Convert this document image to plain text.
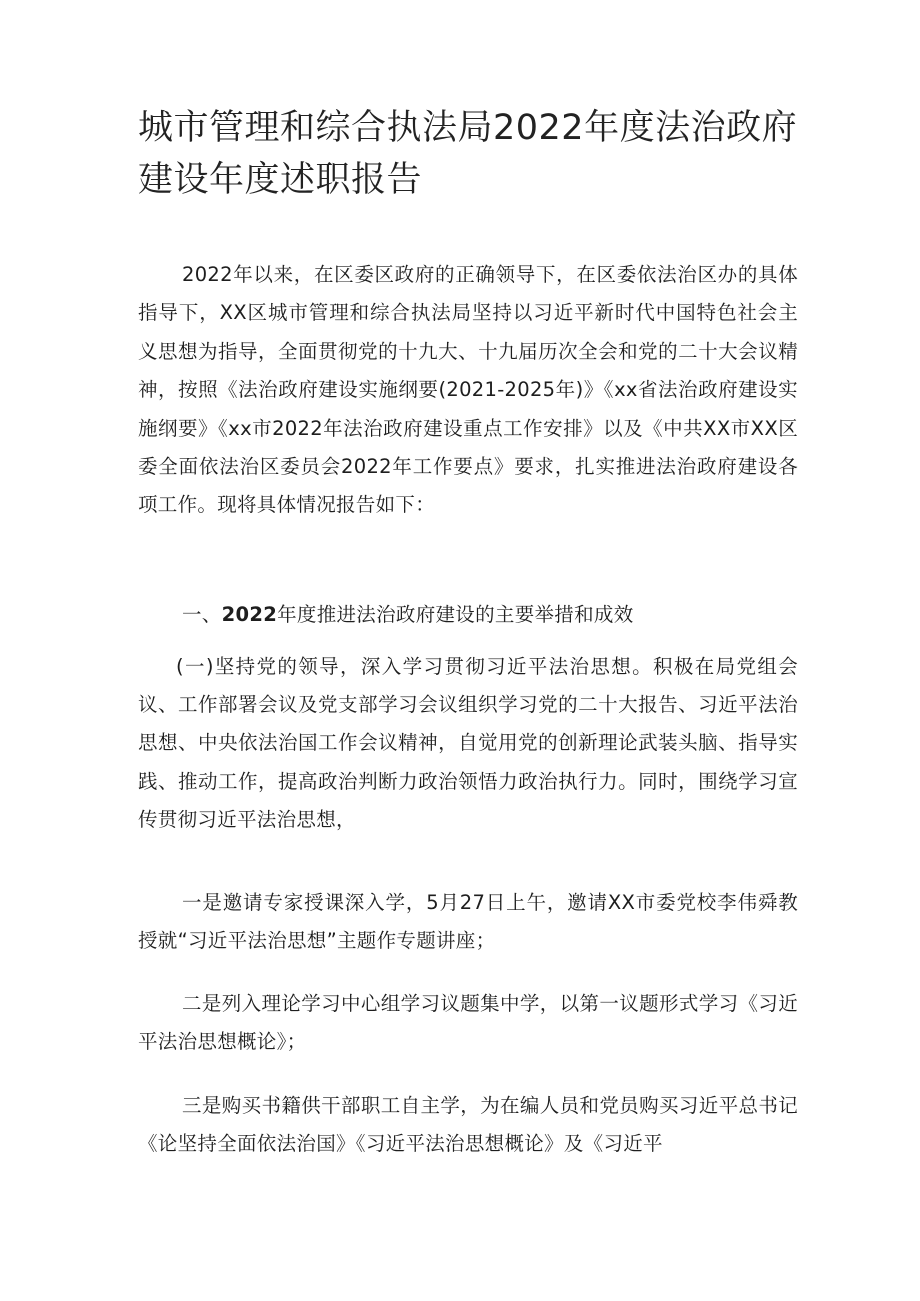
城市管理和综合执法局2022年度法治政府建设年度述职报告

2022年以来，在区委区政府的正确领导下，在区委依法治区办的具体指导下，XX区城市管理和综合执法局坚持以习近平新时代中国特色社会主义思想为指导，全面贯彻党的十九大、十九届历次全会和党的二十大会议精神，按照《法治政府建设实施纲要(2021-2025年)》《xx省法治政府建设实施纲要》《xx市2022年法治政府建设重点工作安排》以及《中共XX市XX区委全面依法治区委员会2022年工作要点》要求，扎实推进法治政府建设各项工作。现将具体情况报告如下：

一、2022年度推进法治政府建设的主要举措和成效

(一)坚持党的领导，深入学习贯彻习近平法治思想。积极在局党组会议、工作部署会议及党支部学习会议组织学习党的二十大报告、习近平法治思想、中央依法治国工作会议精神，自觉用党的创新理论武装头脑、指导实践、推动工作，提高政治判断力政治领悟力政治执行力。同时，围绕学习宣传贯彻习近平法治思想，

一是邀请专家授课深入学，5月27日上午，邀请XX市委党校李伟舜教授就“习近平法治思想”主题作专题讲座；

二是列入理论学习中心组学习议题集中学，以第一议题形式学习《习近平法治思想概论》；

三是购买书籍供干部职工自主学，为在编人员和党员购买习近平总书记《论坚持全面依法治国》《习近平法治思想概论》及《习近平
